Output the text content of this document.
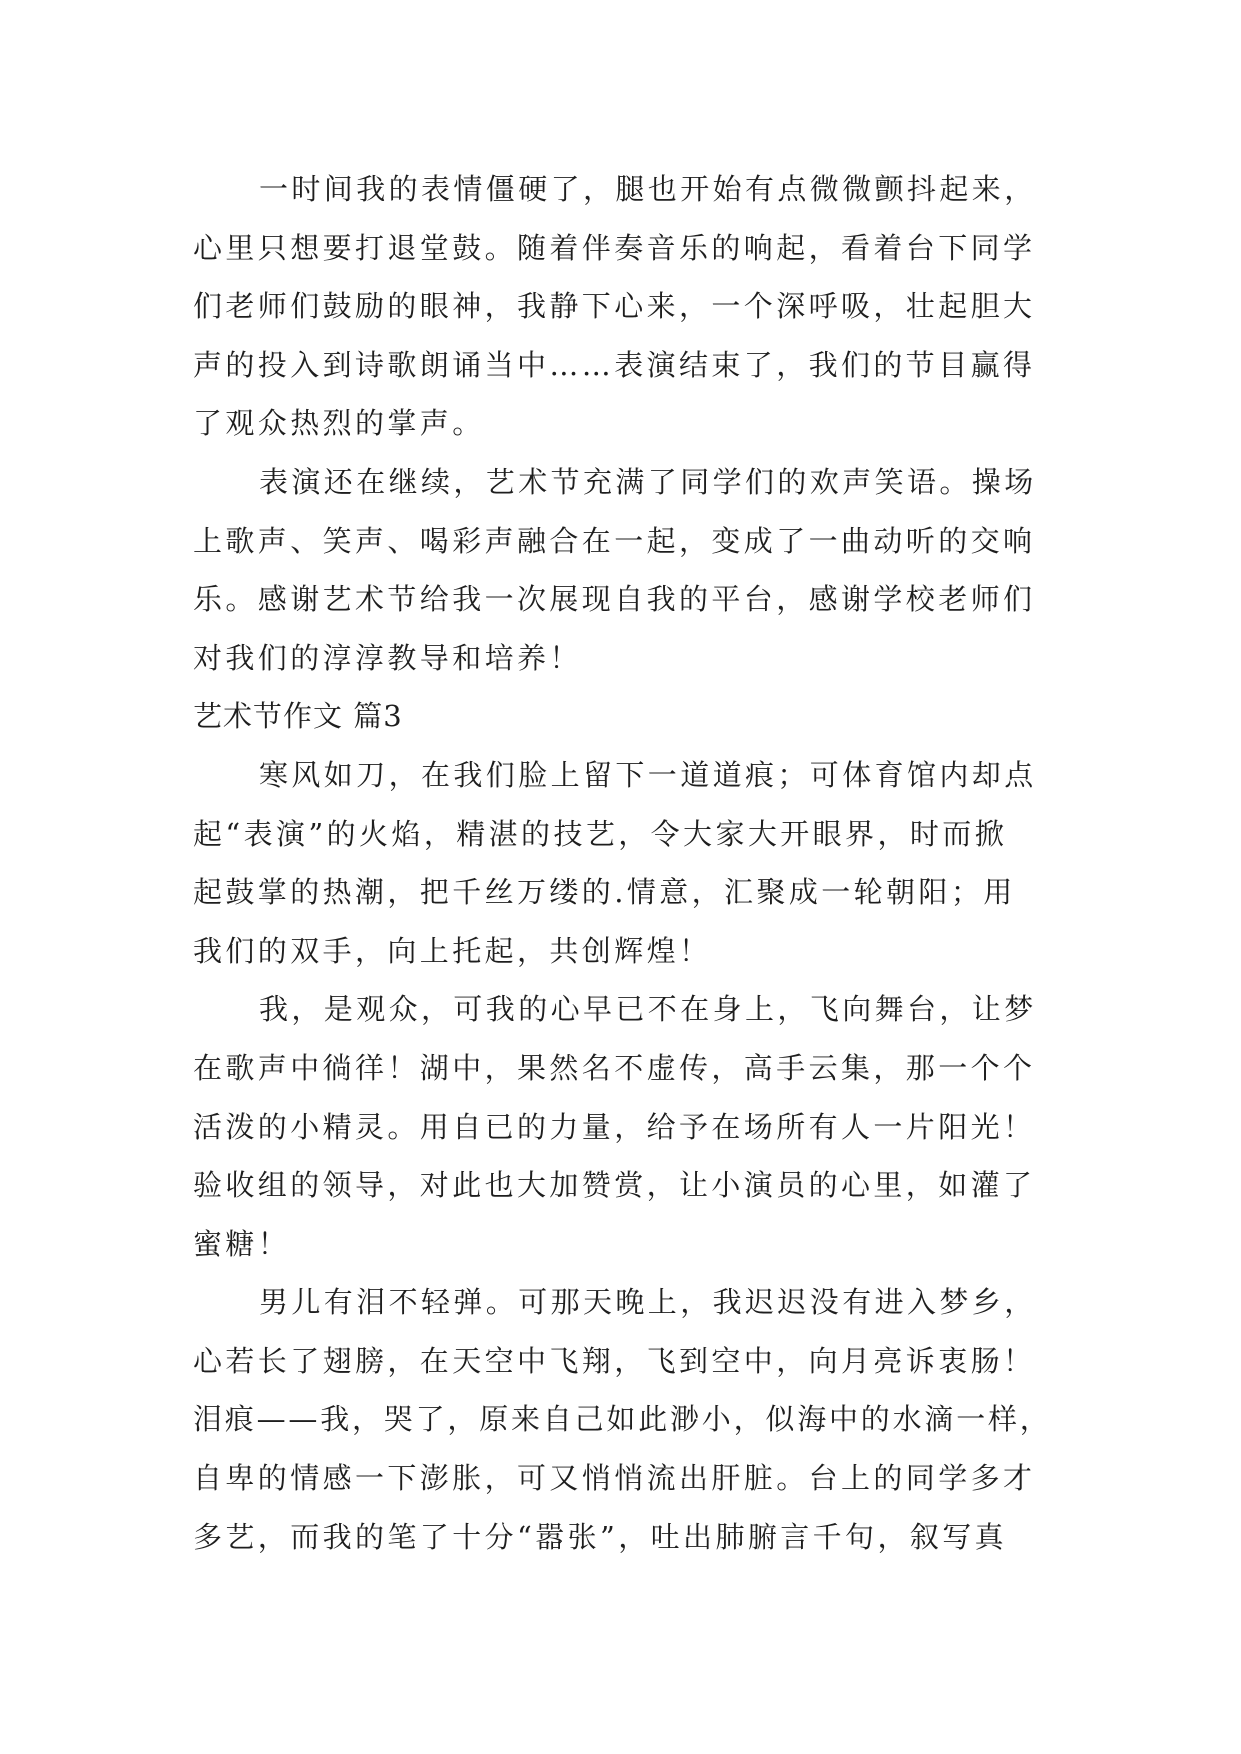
一时间我的表情僵硬了，腿也开始有点微微颤抖起来，
心里只想要打退堂鼓。随着伴奏音乐的响起，看着台下同学
们老师们鼓励的眼神，我静下心来，一个深呼吸，壮起胆大
声的投入到诗歌朗诵当中……表演结束了，我们的节目赢得
了观众热烈的掌声。
表演还在继续，艺术节充满了同学们的欢声笑语。操场
上歌声、笑声、喝彩声融合在一起，变成了一曲动听的交响
乐。感谢艺术节给我一次展现自我的平台，感谢学校老师们
对我们的淳淳教导和培养！
艺术节作文 篇3
寒风如刀，在我们脸上留下一道道痕；可体育馆内却点
起“表演”的火焰，精湛的技艺，令大家大开眼界，时而掀
起鼓掌的热潮，把千丝万缕的.情意，汇聚成一轮朝阳；用
我们的双手，向上托起，共创辉煌！
我，是观众，可我的心早已不在身上，飞向舞台，让梦
在歌声中徜徉！湖中，果然名不虚传，高手云集，那一个个
活泼的小精灵。用自已的力量，给予在场所有人一片阳光！
验收组的领导，对此也大加赞赏，让小演员的心里，如灌了
蜜糖！
男儿有泪不轻弹。可那天晚上，我迟迟没有进入梦乡，
心若长了翅膀，在天空中飞翔，飞到空中，向月亮诉衷肠！
泪痕——我，哭了，原来自己如此渺小，似海中的水滴一样，
自卑的情感一下澎胀，可又悄悄流出肝脏。台上的同学多才
多艺，而我的笔了十分“嚣张”，吐出肺腑言千句，叙写真
